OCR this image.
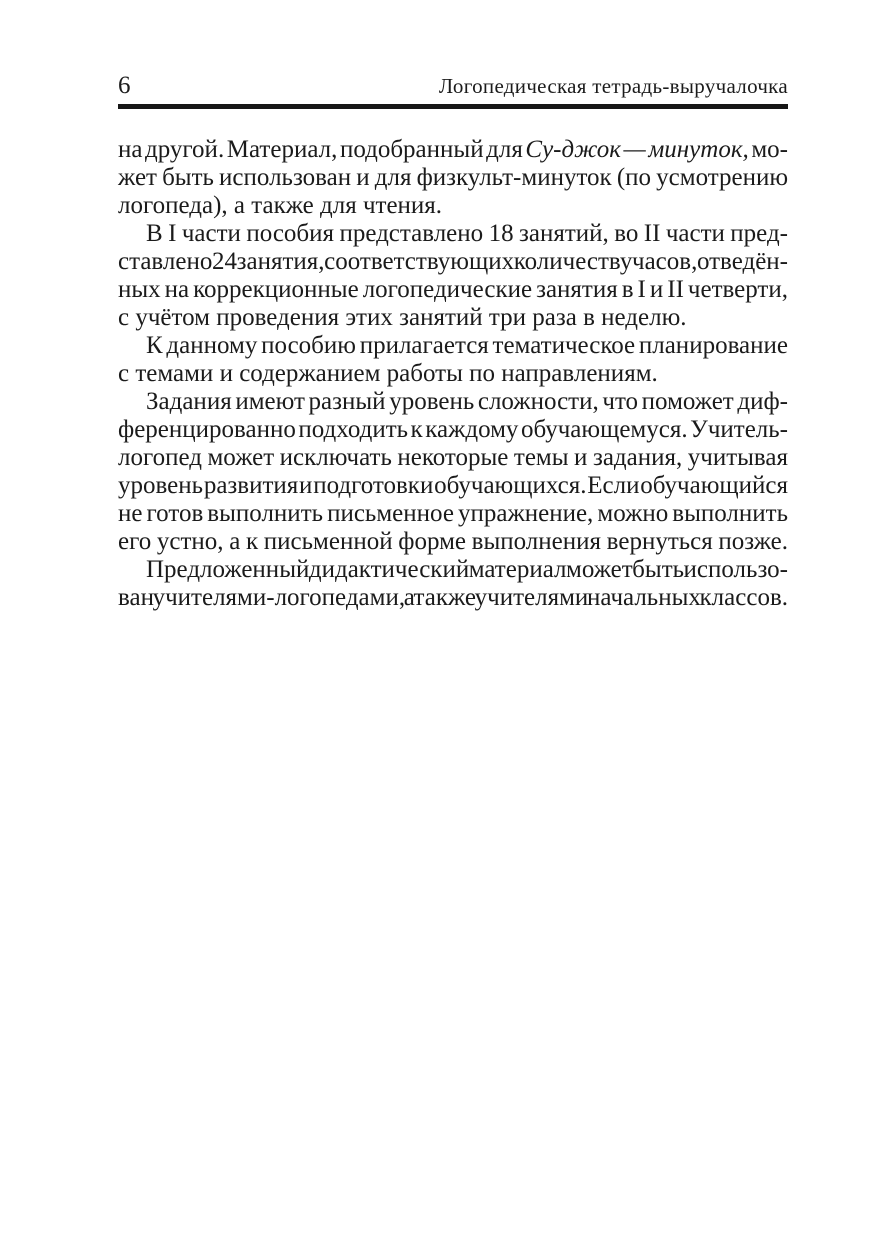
6	Логопедическая тетрадь-выручалочка
на другой. Материал, подобранный для Су-джок — минуток, мо-
жет быть использован и для физкульт-минуток (по усмотрению
логопеда), а также для чтения.
В I части пособия представлено 18 занятий, во II части пред-
ставлено 24 занятия, соответствующих количеству часов, отведён-
ных на коррекционные логопедические занятия в I и II четверти,
с учётом проведения этих занятий три раза в неделю.
К данному пособию прилагается тематическое планирование
с темами и содержанием работы по направлениям.
Задания имеют разный уровень сложности, что поможет диф-
ференцированно подходить к каждому обучающемуся. Учитель-
логопед может исключать некоторые темы и задания, учитывая
уровень развития и подготовки обучающихся. Если обучающийся
не готов выполнить письменное упражнение, можно выполнить
его устно, а к письменной форме выполнения вернуться позже.
Предложенный дидактический материал может быть использо-
ван учителями-логопедами, а также учителями начальных классов.
